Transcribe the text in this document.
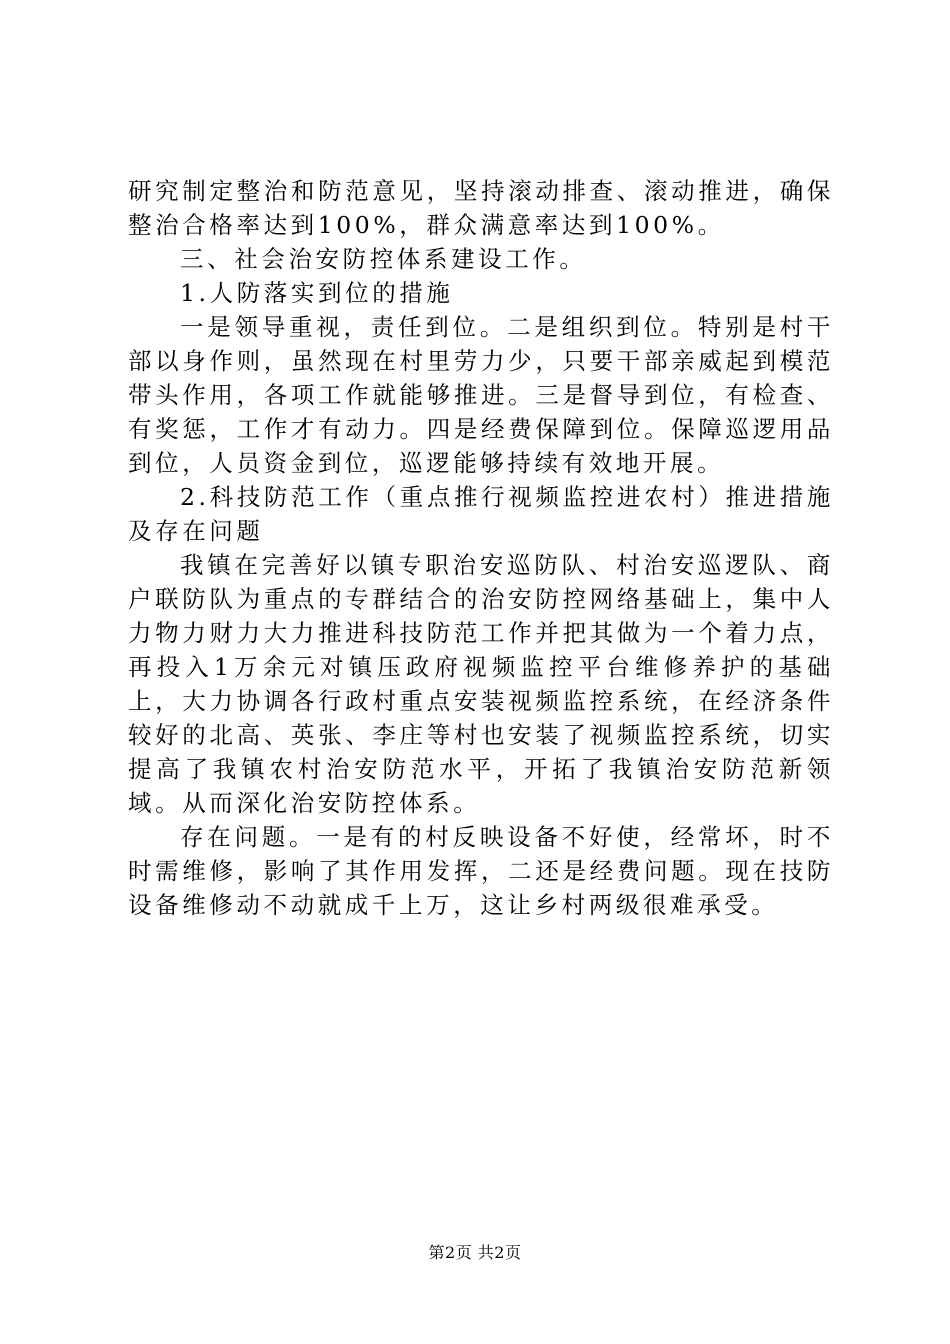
研究制定整治和防范意见，坚持滚动排查、滚动推进，确保整治合格率达到100%，群众满意率达到100%。

三、社会治安防控体系建设工作。

1.人防落实到位的措施

一是领导重视，责任到位。二是组织到位。特别是村干部以身作则，虽然现在村里劳力少，只要干部亲威起到模范带头作用，各项工作就能够推进。三是督导到位，有检查、有奖惩，工作才有动力。四是经费保障到位。保障巡逻用品到位，人员资金到位，巡逻能够持续有效地开展。

2.科技防范工作（重点推行视频监控进农村）推进措施及存在问题

我镇在完善好以镇专职治安巡防队、村治安巡逻队、商户联防队为重点的专群结合的治安防控网络基础上，集中人力物力财力大力推进科技防范工作并把其做为一个着力点，再投入1万余元对镇压政府视频监控平台维修养护的基础上，大力协调各行政村重点安装视频监控系统，在经济条件较好的北高、英张、李庄等村也安装了视频监控系统，切实提高了我镇农村治安防范水平，开拓了我镇治安防范新领域。从而深化治安防控体系。

存在问题。一是有的村反映设备不好使，经常坏，时不时需维修，影响了其作用发挥，二还是经费问题。现在技防设备维修动不动就成千上万，这让乡村两级很难承受。

第2页 共2页
